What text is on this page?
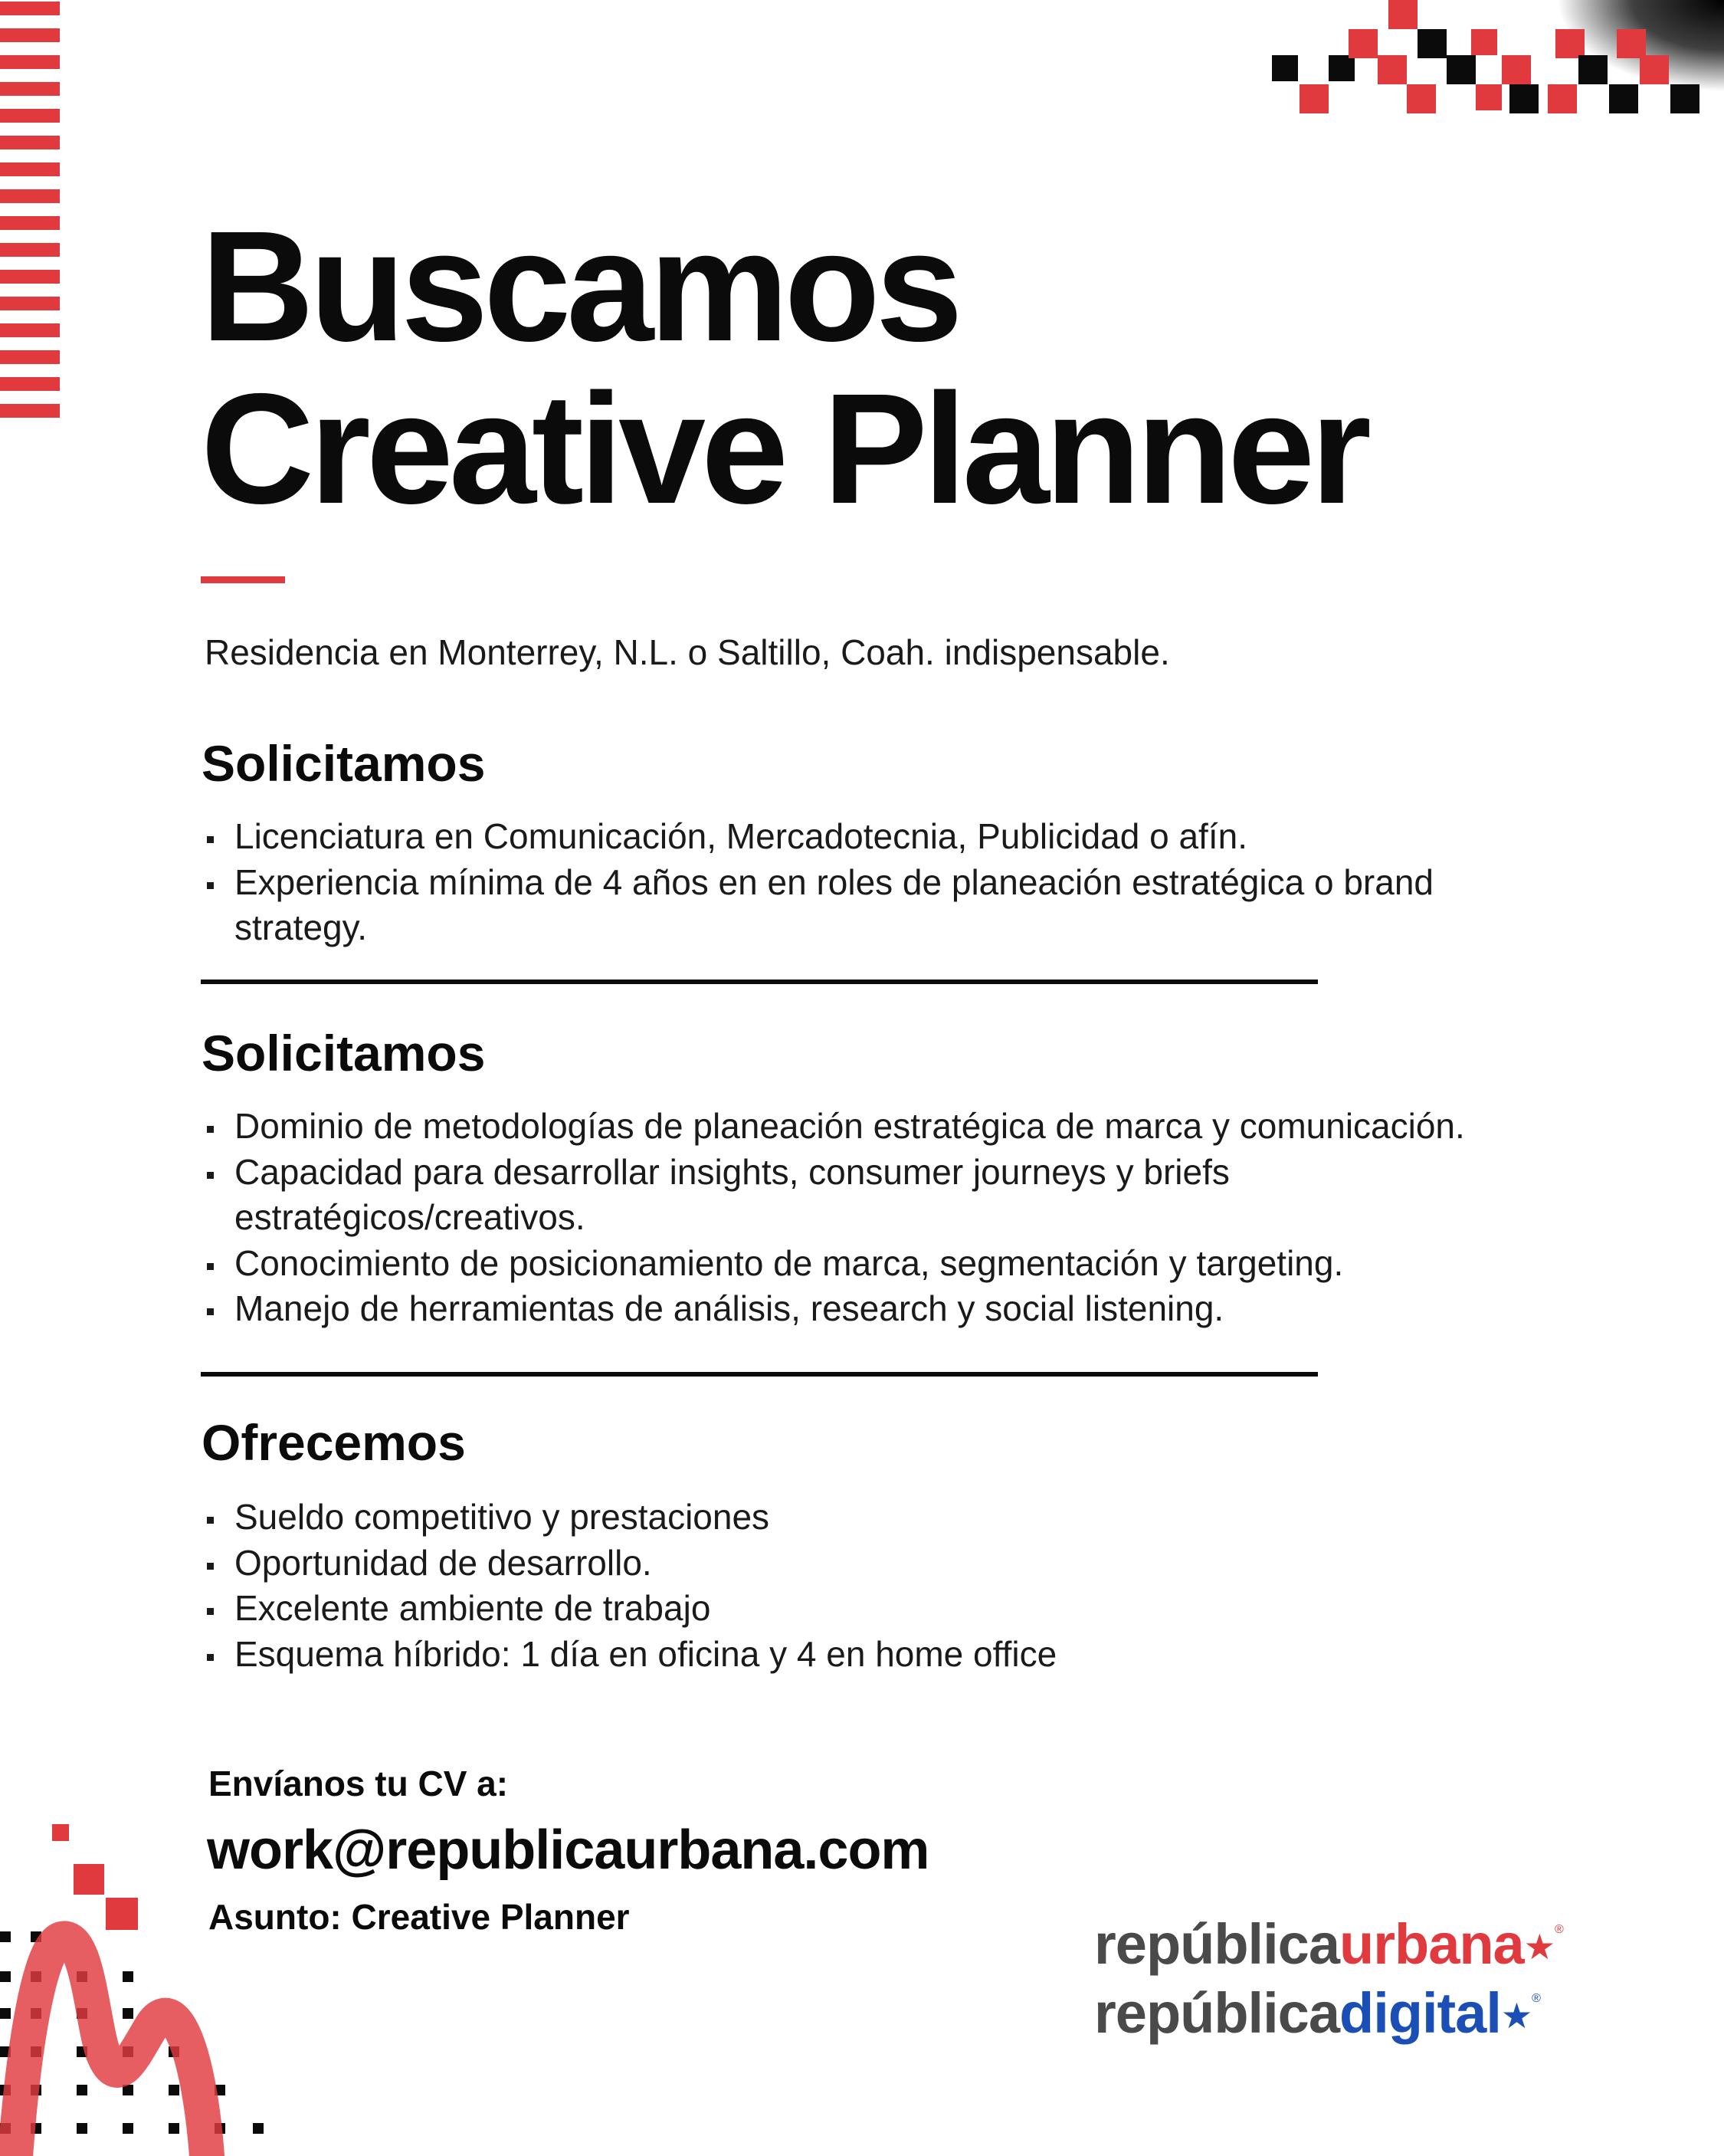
Buscamos
Creative Planner
Residencia en Monterrey, N.L. o Saltillo, Coah. indispensable.
Solicitamos
Licenciatura en Comunicación, Mercadotecnia, Publicidad o afín.
Experiencia mínima de 4 años en en roles de planeación estratégica o brand strategy.
Solicitamos
Dominio de metodologías de planeación estratégica de marca y comunicación.
Capacidad para desarrollar insights, consumer journeys y briefs estratégicos/creativos.
Conocimiento de posicionamiento de marca, segmentación y targeting.
Manejo de herramientas de análisis, research y social listening.
Ofrecemos
Sueldo competitivo y prestaciones
Oportunidad de desarrollo.
Excelente ambiente de trabajo
Esquema híbrido: 1 día en oficina y 4 en home office
Envíanos tu CV a:
work@republicaurbana.com
Asunto: Creative Planner	repúblicaurbana★®
repúblicadigital★®
